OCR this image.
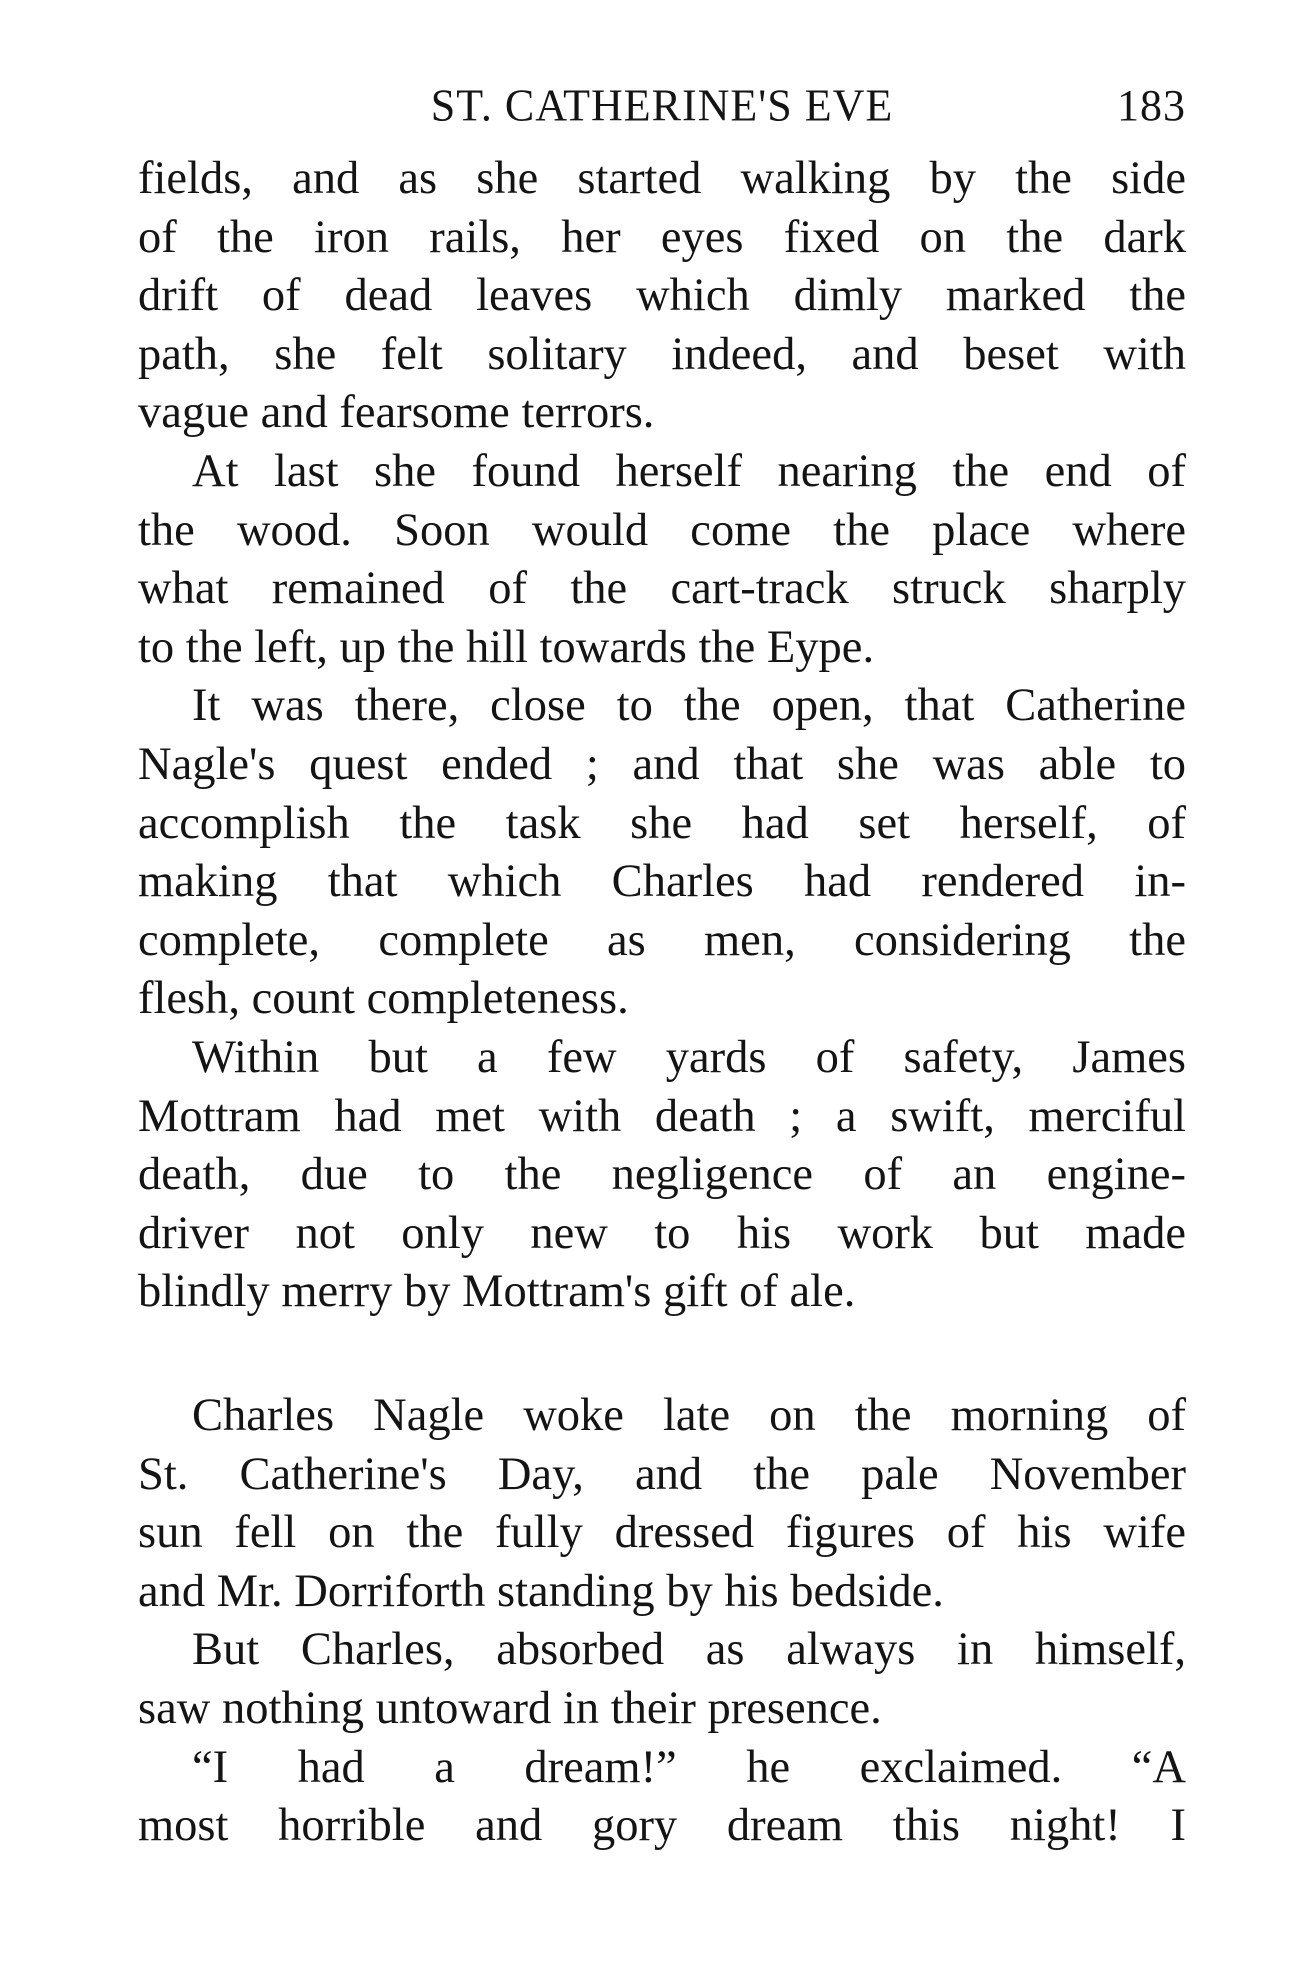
ST. CATHERINE'S EVE	183
fields, and as she started walking by the side
of the iron rails, her eyes fixed on the dark
drift of dead leaves which dimly marked the
path, she felt solitary indeed, and beset with
vague and fearsome terrors.
At last she found herself nearing the end of
the wood. Soon would come the place where
what remained of the cart-track struck sharply
to the left, up the hill towards the Eype.
It was there, close to the open, that Catherine
Nagle's quest ended ; and that she was able to
accomplish the task she had set herself, of
making that which Charles had rendered in-
complete, complete as men, considering the
flesh, count completeness.
Within but a few yards of safety, James
Mottram had met with death ; a swift, merciful
death, due to the negligence of an engine-
driver not only new to his work but made
blindly merry by Mottram's gift of ale.
Charles Nagle woke late on the morning of
St. Catherine's Day, and the pale November
sun fell on the fully dressed figures of his wife
and Mr. Dorriforth standing by his bedside.
But Charles, absorbed as always in himself,
saw nothing untoward in their presence.
“I had a dream!” he exclaimed. “A
most horrible and gory dream this night! I
